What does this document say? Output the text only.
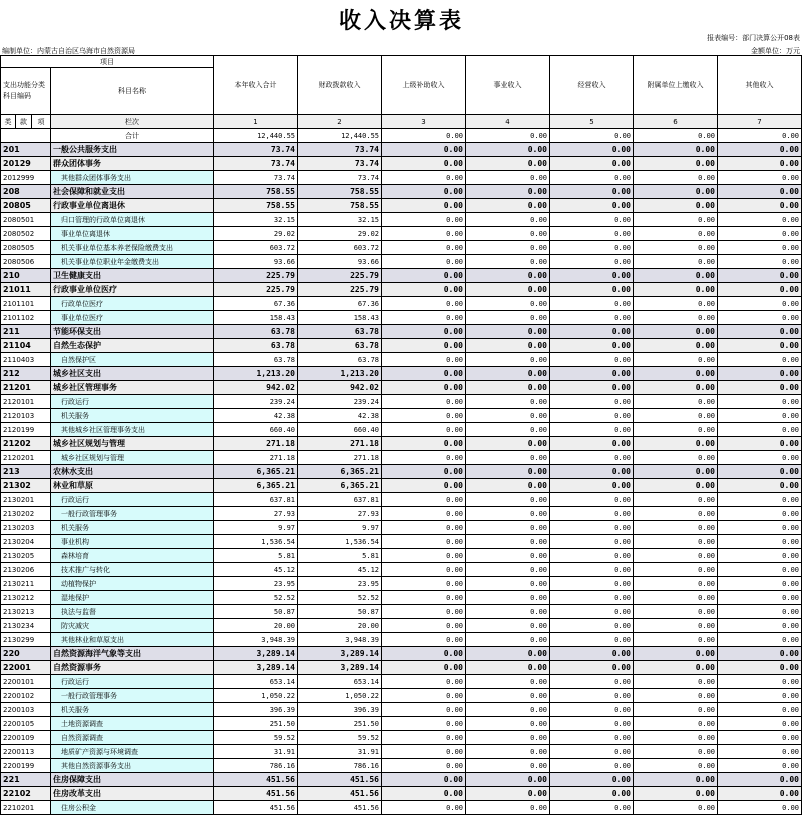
收入决算表
报表编号：部门决算公开08表
编制单位：内蒙古自治区乌海市自然资源局	金额单位：万元
项目				本年收入合计	财政拨款收入	上级补助收入	事业收入	经营收入	附属单位上缴收入	其他收入
支出功能分类科目编码			科目名称							
类	款	项								
			栏次	1	2	3	4	5	6	7
			合计	12,440.55	12,440.55	0.00	0.00	0.00	0.00	0.00
201			一般公共服务支出	73.74	73.74	0.00	0.00	0.00	0.00	0.00
20129			群众团体事务	73.74	73.74	0.00	0.00	0.00	0.00	0.00
2012999			其他群众团体事务支出	73.74	73.74	0.00	0.00	0.00	0.00	0.00
208			社会保障和就业支出	758.55	758.55	0.00	0.00	0.00	0.00	0.00
20805			行政事业单位离退休	758.55	758.55	0.00	0.00	0.00	0.00	0.00
2080501			归口管理的行政单位离退休	32.15	32.15	0.00	0.00	0.00	0.00	0.00
2080502			事业单位离退休	29.02	29.02	0.00	0.00	0.00	0.00	0.00
2080505			机关事业单位基本养老保险缴费支出	603.72	603.72	0.00	0.00	0.00	0.00	0.00
2080506			机关事业单位职业年金缴费支出	93.66	93.66	0.00	0.00	0.00	0.00	0.00
210			卫生健康支出	225.79	225.79	0.00	0.00	0.00	0.00	0.00
21011			行政事业单位医疗	225.79	225.79	0.00	0.00	0.00	0.00	0.00
2101101			行政单位医疗	67.36	67.36	0.00	0.00	0.00	0.00	0.00
2101102			事业单位医疗	158.43	158.43	0.00	0.00	0.00	0.00	0.00
211			节能环保支出	63.78	63.78	0.00	0.00	0.00	0.00	0.00
21104			自然生态保护	63.78	63.78	0.00	0.00	0.00	0.00	0.00
2110403			自然保护区	63.78	63.78	0.00	0.00	0.00	0.00	0.00
212			城乡社区支出	1,213.20	1,213.20	0.00	0.00	0.00	0.00	0.00
21201			城乡社区管理事务	942.02	942.02	0.00	0.00	0.00	0.00	0.00
2120101			行政运行	239.24	239.24	0.00	0.00	0.00	0.00	0.00
2120103			机关服务	42.38	42.38	0.00	0.00	0.00	0.00	0.00
2120199			其他城乡社区管理事务支出	660.40	660.40	0.00	0.00	0.00	0.00	0.00
21202			城乡社区规划与管理	271.18	271.18	0.00	0.00	0.00	0.00	0.00
2120201			城乡社区规划与管理	271.18	271.18	0.00	0.00	0.00	0.00	0.00
213			农林水支出	6,365.21	6,365.21	0.00	0.00	0.00	0.00	0.00
21302			林业和草原	6,365.21	6,365.21	0.00	0.00	0.00	0.00	0.00
2130201			行政运行	637.81	637.81	0.00	0.00	0.00	0.00	0.00
2130202			一般行政管理事务	27.93	27.93	0.00	0.00	0.00	0.00	0.00
2130203			机关服务	9.97	9.97	0.00	0.00	0.00	0.00	0.00
2130204			事业机构	1,536.54	1,536.54	0.00	0.00	0.00	0.00	0.00
2130205			森林培育	5.81	5.81	0.00	0.00	0.00	0.00	0.00
2130206			技术推广与转化	45.12	45.12	0.00	0.00	0.00	0.00	0.00
2130211			动植物保护	23.95	23.95	0.00	0.00	0.00	0.00	0.00
2130212			湿地保护	52.52	52.52	0.00	0.00	0.00	0.00	0.00
2130213			执法与监督	50.87	50.87	0.00	0.00	0.00	0.00	0.00
2130234			防灾减灾	20.00	20.00	0.00	0.00	0.00	0.00	0.00
2130299			其他林业和草原支出	3,948.39	3,948.39	0.00	0.00	0.00	0.00	0.00
220			自然资源海洋气象等支出	3,289.14	3,289.14	0.00	0.00	0.00	0.00	0.00
22001			自然资源事务	3,289.14	3,289.14	0.00	0.00	0.00	0.00	0.00
2200101			行政运行	653.14	653.14	0.00	0.00	0.00	0.00	0.00
2200102			一般行政管理事务	1,050.22	1,050.22	0.00	0.00	0.00	0.00	0.00
2200103			机关服务	396.39	396.39	0.00	0.00	0.00	0.00	0.00
2200105			土地资源调查	251.50	251.50	0.00	0.00	0.00	0.00	0.00
2200109			自然资源调查	59.52	59.52	0.00	0.00	0.00	0.00	0.00
2200113			地质矿产资源与环境调查	31.91	31.91	0.00	0.00	0.00	0.00	0.00
2200199			其他自然资源事务支出	786.16	786.16	0.00	0.00	0.00	0.00	0.00
221			住房保障支出	451.56	451.56	0.00	0.00	0.00	0.00	0.00
22102			住房改革支出	451.56	451.56	0.00	0.00	0.00	0.00	0.00
2210201			住房公积金	451.56	451.56	0.00	0.00	0.00	0.00	0.00
